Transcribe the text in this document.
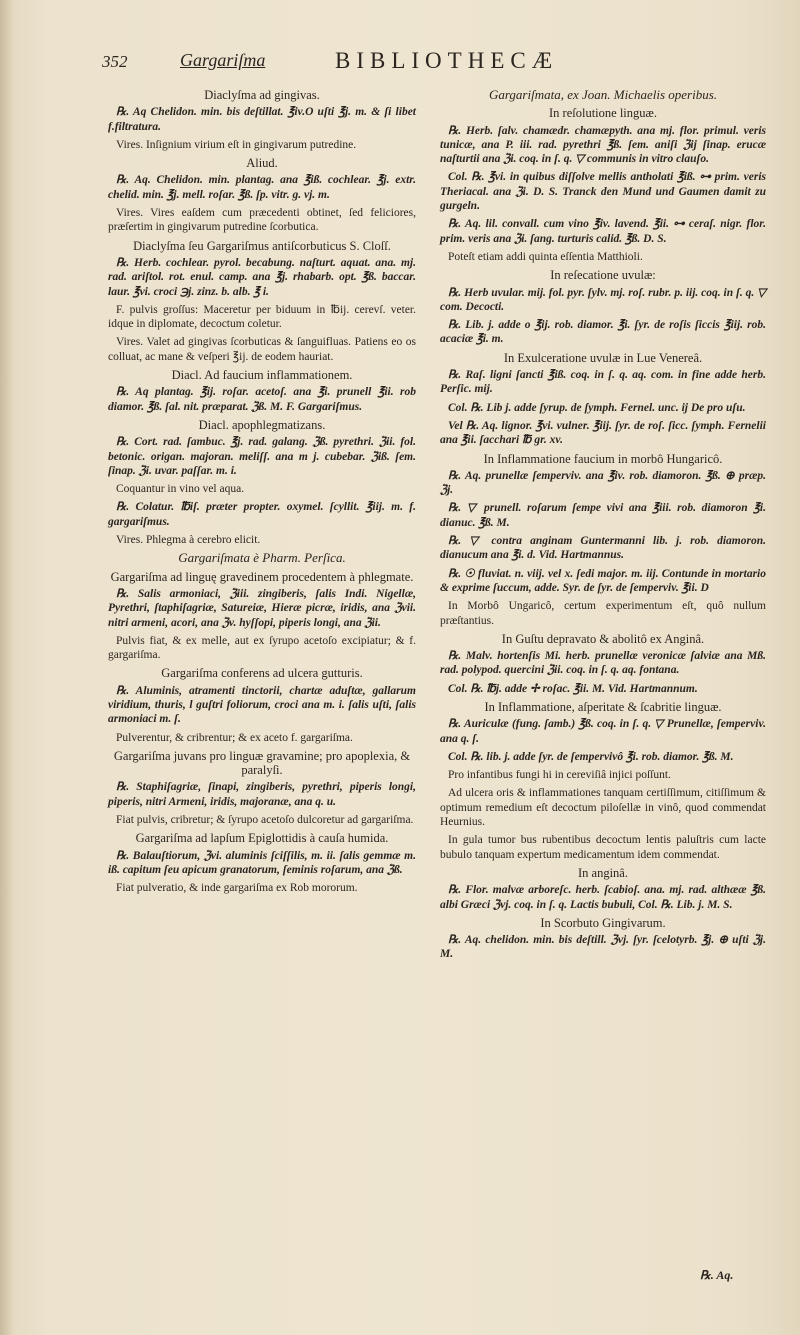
352	Gargariſma	BIBLIOTHECÆ
Diaclyſma ad gingivas.
℞. Aq Chelidon. min. bis deſtillat. ℥iv.O uſti ℥j. m. & ſi libet f.filtratura.
Vires. Inſignium virium eſt in gingivarum putredine.
Aliud.
℞. Aq. Chelidon. min. plantag. ana ℥iß. cochlear. ℥j. extr. chelid. min. ℥j. mell. roſar. ℥ß. ſp. vitr. g. vj. m.
Vires. Vires eaſdem cum præcedenti obtinet, ſed feliciores, præſertim in gingivarum putredine ſcorbutica.
Diaclyſma ſeu Gargariſmus antiſcorbuticus S. Cloſſ.
℞. Herb. cochlear. pyrol. becabung. naſturt. aquat. ana. mj. rad. ariſtol. rot. enul. camp. ana ℥j. rhabarb. opt. ℥ß. baccar. laur. ℥vi. croci ℈j. zinz. b. alb. ℥ i.
F. pulvis groſſus: Maceretur per biduum in ℔ij. cerevſ. veter. idque in diplomate, decoctum coletur.
Vires. Valet ad gingivas ſcorbuticas & ſanguifluas. Patiens eo os colluat, ac mane & veſperi ℥ij. de eodem hauriat.
Diacl. Ad faucium inflammationem.
℞. Aq plantag. ℥ij. roſar. acetoſ. ana ℥i. prunell ℥ii. rob diamor. ℥ß. ſal. nit. præparat. ℨß. M. F. Gargariſmus.
Diacl. apophlegmatizans.
℞. Cort. rad. ſambuc. ℥j. rad. galang. ℨß. pyrethri. ℨii. fol. betonic. origan. majoran. meliſſ. ana m j. cubebar. ℨiß. ſem. ſinap. ℨi. uvar. paſſar. m. i.
Coquantur in vino vel aqua.
℞. Colatur. ℔iſ. præter propter. oxymel. ſcyllit. ℥iij. m. f. gargariſmus.
Vires. Phlegma à cerebro elicit.
Gargariſmata è Pharm. Perſica.
Gargariſma ad linguę gravedinem procedentem à phlegmate.
℞. Salis armoniaci, ℨiii. zingiberis, ſalis Indi. Nigellæ, Pyrethri, ſtaphiſagriæ, Satureiæ, Hieræ picræ, iridis, ana ℨvii. nitri armeni, acori, ana ℨv. hyſſopi, piperis longi, ana ℨii.
Pulvis fiat, & ex melle, aut ex ſyrupo acetoſo excipiatur; & f. gargariſma.
Gargariſma conferens ad ulcera gutturis.
℞. Aluminis, atramenti tinctorii, chartæ aduſtæ, gallarum viridium, thuris, l guſtri foliorum, croci ana m. i. ſalis uſti, ſalis armoniaci m. ſ.
Pulverentur, & cribrentur; & ex aceto f. gargariſma.
Gargariſma juvans pro linguæ gravamine; pro apoplexia, & paralyſi.
℞. Staphiſagriæ, ſinapi, zingiberis, pyrethri, piperis longi, piperis, nitri Armeni, iridis, majoranæ, ana q. u.
Fiat pulvis, cribretur; & ſyrupo acetoſo dulcoretur ad gargariſma.
Gargariſma ad lapſum Epiglottidis à cauſa humida.
℞. Balauſtiorum, ℨvi. aluminis ſciſſilis, m. ii. ſalis gemmæ m. iß. capitum ſeu apicum granatorum, ſeminis roſarum, ana ℨß.
Fiat pulveratio, & inde gargariſma ex Rob mororum.
Gargariſmata, ex Joan. Michaelis operibus.
In reſolutione linguæ.
℞. Herb. ſalv. chamædr. chamæpyth. ana mj. flor. primul. veris tunicæ, ana P. iii. rad. pyrethri ℥ß. ſem. aniſi ℨij ſinap. erucæ naſturtii ana ℨi. coq. in ſ. q. ▽ communis in vitro clauſo.
Col. ℞. ℥vi. in quibus diſſolve mellis antholati ℥iß. ⊶ prim. veris Theriacal. ana ℨi. D. S. Tranck den Mund und Gaumen damit zu gurgeln.
℞. Aq. lil. convall. cum vino ℥iv. lavend. ℥ii. ⊶ ceraſ. nigr. flor. prim. veris ana ℨi. ſang. turturis calid. ℥ß. D. S.
Poteſt etiam addi quinta eſſentia Matthioli.
In reſecatione uvulæ:
℞. Herb uvular. mij. fol. pyr. ſylv. mj. roſ. rubr. p. iij. coq. in ſ. q. ▽ com. Decocti.
℞. Lib. j. adde o ℥ij. rob. diamor. ℥i. ſyr. de roſis ſiccis ℥iij. rob. acaciæ ℥i. m.
In Exulceratione uvulæ in Lue Venereâ.
℞. Raſ. ligni ſancti ℥iß. coq. in ſ. q. aq. com. in fine adde herb. Perſic. mij.
Col. ℞. Lib j. adde ſyrup. de ſymph. Fernel. unc. ij De pro uſu.
Vel ℞. Aq. lignor. ℥vi. vulner. ℥iij. ſyr. de roſ. ſicc. ſymph. Fernelii ana ℥ii. ſacchari ℔ gr. xv.
In Inflammatione faucium in morbô Hungaricô.
℞. Aq. prunellæ ſemperviv. ana ℥iv. rob. diamoron. ℥ß. ⊕ præp. ℨj.
℞. ▽ prunell. roſarum ſempe vivi ana ℥iii. rob. diamoron ℥i. dianuc. ℥ß. M.
℞. ▽ contra anginam Guntermanni lib. j. rob. diamoron. dianucum ana ℥i. d. Vid. Hartmannus.
℞. ☉ fluviat. n. viij. vel x. ſedi major. m. iij. Contunde in mortario & exprime ſuccum, adde. Syr. de ſyr. de ſemperviv. ℥ii. D
In Morbô Ungaricô, certum experimentum eſt, quô nullum præſtantius.
In Guſtu depravato & abolitô ex Anginâ.
℞. Malv. hortenſis Mi. herb. prunellæ veronicæ ſalviæ ana Mß. rad. polypod. quercini ℨii. coq. in ſ. q. aq. fontana.
Col. ℞. ℔j. adde ✢ roſac. ℥ii. M. Vid. Hartmannum.
In Inflammatione, aſperitate & ſcabritie linguæ.
℞. Auriculæ (fung. ſamb.) ℥ß. coq. in ſ. q. ▽ Prunellæ, ſemperviv. ana q. ſ.
Col. ℞. lib. j. adde ſyr. de ſempervivô ℥i. rob. diamor. ℥ß. M.
Pro infantibus fungi hi in cereviſiâ injici poſſunt.
Ad ulcera oris & inflammationes tanquam certiſſimum, citiſſimum & optimum remedium eſt decoctum piloſellæ in vinô, quod commendat Heurnius.
In gula tumor bus rubentibus decoctum lentis paluſtris cum lacte bubulo tanquam expertum medicamentum idem commendat.
In anginâ.
℞. Flor. malvæ arboreſc. herb. ſcabioſ. ana. mj. rad. althææ ℥ß. albi Græci ℨvj. coq. in ſ. q. Lactis bubuli, Col. ℞. Lib. j. M. S.
In Scorbuto Gingivarum.
℞. Aq. chelidon. min. bis deſtill. ℨvj. ſyr. ſcelotyrb. ℥j. ⊕ uſti ℨj. M.
℞. Aq.
